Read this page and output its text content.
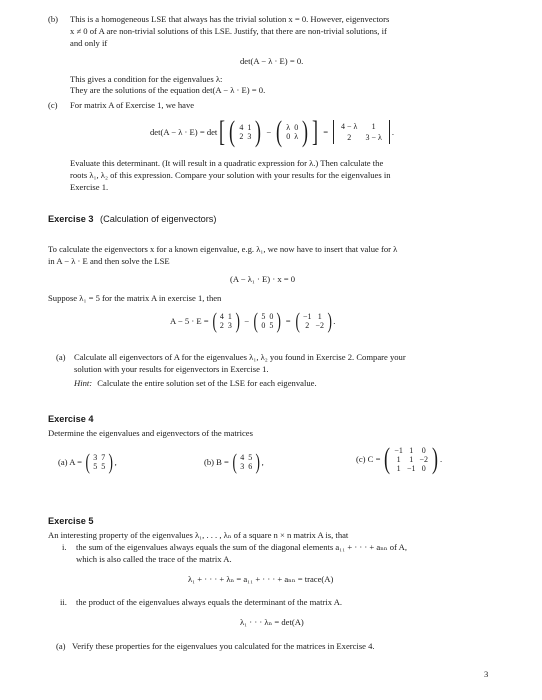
(b) This is a homogeneous LSE that always has the trivial solution x = 0. However, eigenvectors
x ≠ 0 of A are non-trivial solutions of this LSE. Justify, that there are non-trivial solutions, if
and only if
det(A − λ · E) = 0.
This gives a condition for the eigenvalues λ:
They are the solutions of the equation det(A − λ · E) = 0.
(c) For matrix A of Exercise 1, we have
det(A − λ · E) = det [ ( 4	1
2	3 ) − ( λ	0
0	λ ) ] =
4 − λ	1
2	3 − λ
.
Evaluate this determinant. (It will result in a quadratic expression for λ.) Then calculate the
roots λ₁, λ₂ of this expression. Compare your solution with your results for the eigenvalues in
Exercise 1.
Exercise 3 (Calculation of eigenvectors)
To calculate the eigenvectors x for a known eigenvalue, e.g. λ₁, we now have to insert that value for λ
in A − λ · E and then solve the LSE
(A − λ₁ · E) · x = 0
Suppose λ₁ = 5 for the matrix A in exercise 1, then
A − 5 · E = ( 4	1
2	3 ) − ( 5	0
0	5 ) = ( −1	1
2	−2 ) .
(a) Calculate all eigenvectors of A for the eigenvalues λ₁, λ₂ you found in Exercise 2. Compare your
solution with your results for eigenvectors in Exercise 1.
Hint: Calculate the entire solution set of the LSE for each eigenvalue.
Exercise 4
Determine the eigenvalues and eigenvectors of the matrices
(a) A = ( 3	7
5	5 ) ,	(b) B = ( 4	5
3	6 ) ,	(c) C = ( −1	1	0
1	1	−2
1	−1	0 ) .
Exercise 5
An interesting property of the eigenvalues λ₁, . . . , λₙ of a square n × n matrix A is, that
i. the sum of the eigenvalues always equals the sum of the diagonal elements a₁₁ + · · · + aₙₙ of A,
which is also called the trace of the matrix A.
λ₁ + · · · + λₙ = a₁₁ + · · · + aₙₙ = trace(A)
ii. the product of the eigenvalues always equals the determinant of the matrix A.
λ₁ · · · λₙ = det(A)
(a) Verify these properties for the eigenvalues you calculated for the matrices in Exercise 4.
3
